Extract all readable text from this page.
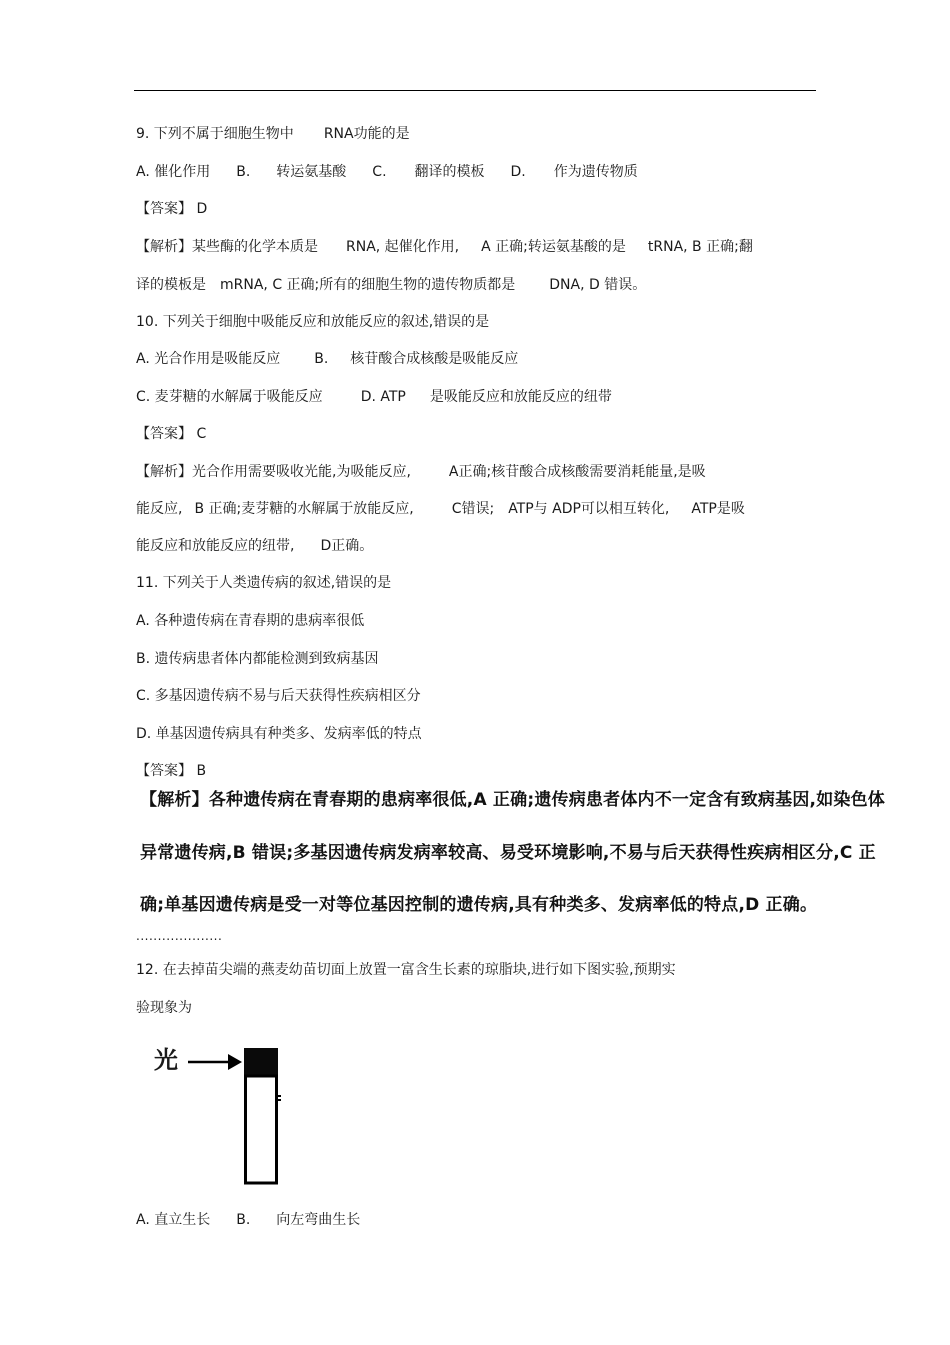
9. 下列不属于细胞生物中 RNA功能的是
A. 催化作用 B. 转运氨基酸 C. 翻译的模板 D. 作为遗传物质
【答案】 D
【解析】某些酶的化学本质是 RNA, 起催化作用, A 正确;转运氨基酸的是 tRNA, B 正确;翻
译的模板是 mRNA, C 正确;所有的细胞生物的遗传物质都是 DNA, D 错误。
10. 下列关于细胞中吸能反应和放能反应的叙述,错误的是
A. 光合作用是吸能反应 B. 核苷酸合成核酸是吸能反应
C. 麦芽糖的水解属于吸能反应	D. ATP 是吸能反应和放能反应的纽带
【答案】 C
【解析】光合作用需要吸收光能,为吸能反应,	A正确;核苷酸合成核酸需要消耗能量,是吸
能反应, B 正确;麦芽糖的水解属于放能反应,	C错误; ATP与 ADP可以相互转化, ATP是吸
能反应和放能反应的纽带, D正确。
11. 下列关于人类遗传病的叙述,错误的是
A. 各种遗传病在青春期的患病率很低
B. 遗传病患者体内都能检测到致病基因
C. 多基因遗传病不易与后天获得性疾病相区分
D. 单基因遗传病具有种类多、发病率低的特点
【答案】 B
【解析】各种遗传病在青春期的患病率很低,A 正确;遗传病患者体内不一定含有致病基因,如染色体
异常遗传病,B 错误;多基因遗传病发病率较高、易受环境影响,不易与后天获得性疾病相区分,C 正
确;单基因遗传病是受一对等位基因控制的遗传病,具有种类多、发病率低的特点,D 正确。
....................
12. 在去掉苗尖端的燕麦幼苗切面上放置一富含生长素的琼脂块,进行如下图实验,预期实
验现象为
光
A. 直立生长 B. 向左弯曲生长
